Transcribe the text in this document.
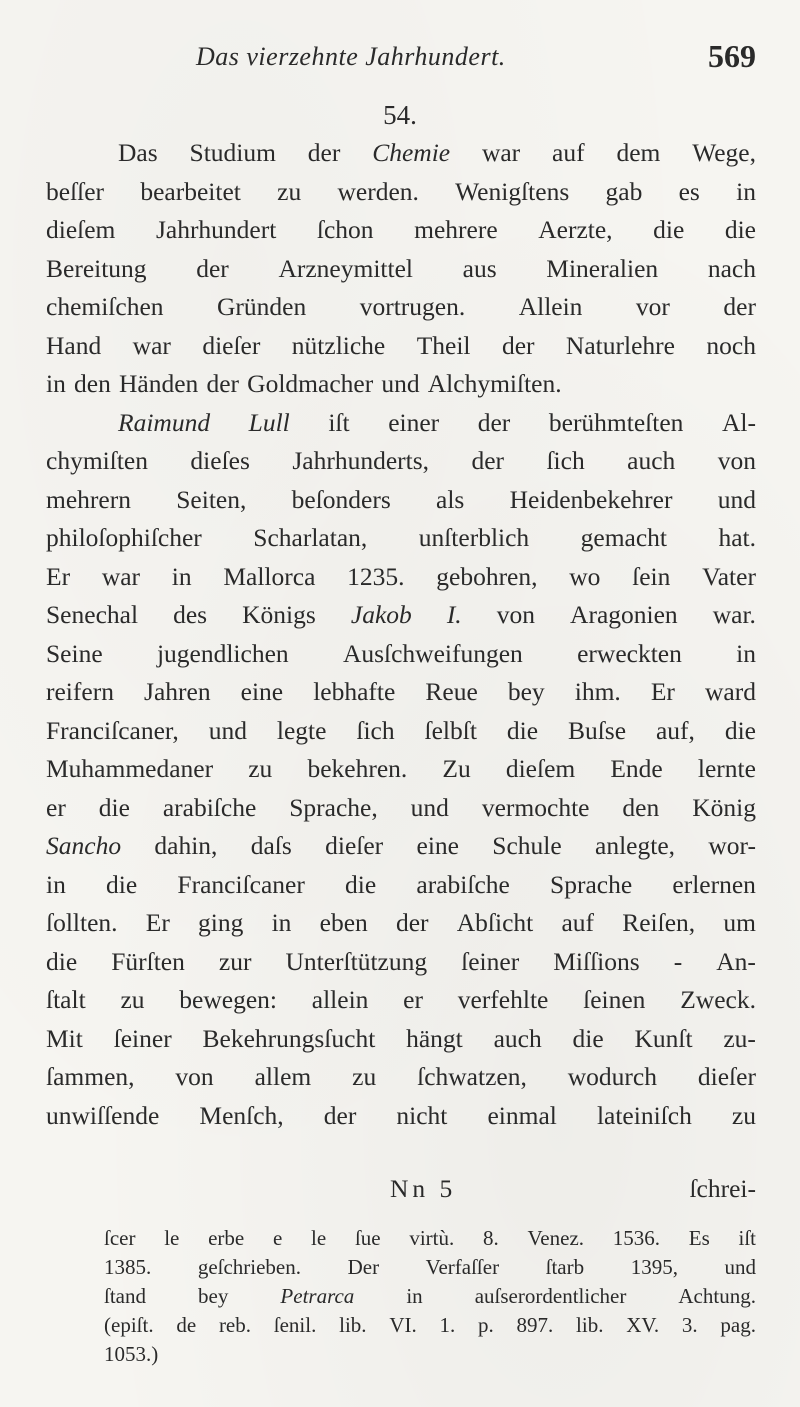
Das vierzehnte Jahrhundert.	569
54.
Das Studium der Chemie war auf dem Wege,
beſſer bearbeitet zu werden. Wenigſtens gab es in
dieſem Jahrhundert ſchon mehrere Aerzte, die die
Bereitung der Arzneymittel aus Mineralien nach
chemiſchen Gründen vortrugen. Allein vor der
Hand war dieſer nützliche Theil der Naturlehre noch
in den Händen der Goldmacher und Alchymiſten.
Raimund Lull iſt einer der berühmteſten Al-
chymiſten dieſes Jahrhunderts, der ſich auch von
mehrern Seiten, beſonders als Heidenbekehrer und
philoſophiſcher Scharlatan, unſterblich gemacht hat.
Er war in Mallorca 1235. gebohren, wo ſein Vater
Senechal des Königs Jakob I. von Aragonien war.
Seine jugendlichen Ausſchweifungen erweckten in
reifern Jahren eine lebhafte Reue bey ihm. Er ward
Franciſcaner, und legte ſich ſelbſt die Buſse auf, die
Muhammedaner zu bekehren. Zu dieſem Ende lernte
er die arabiſche Sprache, und vermochte den König
Sancho dahin, daſs dieſer eine Schule anlegte, wor-
in die Franciſcaner die arabiſche Sprache erlernen
ſollten. Er ging in eben der Abſicht auf Reiſen, um
die Fürſten zur Unterſtützung ſeiner Miſſions - An-
ſtalt zu bewegen: allein er verfehlte ſeinen Zweck.
Mit ſeiner Bekehrungsſucht hängt auch die Kunſt zu-
ſammen, von allem zu ſchwatzen, wodurch dieſer
unwiſſende Menſch, der nicht einmal lateiniſch zu
Nn 5	ſchrei-
ſcer le erbe e le ſue virtù. 8. Venez. 1536. Es iſt
1385. geſchrieben. Der Verfaſſer ſtarb 1395, und
ſtand bey Petrarca in auſserordentlicher Achtung.
(epiſt. de reb. ſenil. lib. VI. 1. p. 897. lib. XV. 3. pag.
1053.)
